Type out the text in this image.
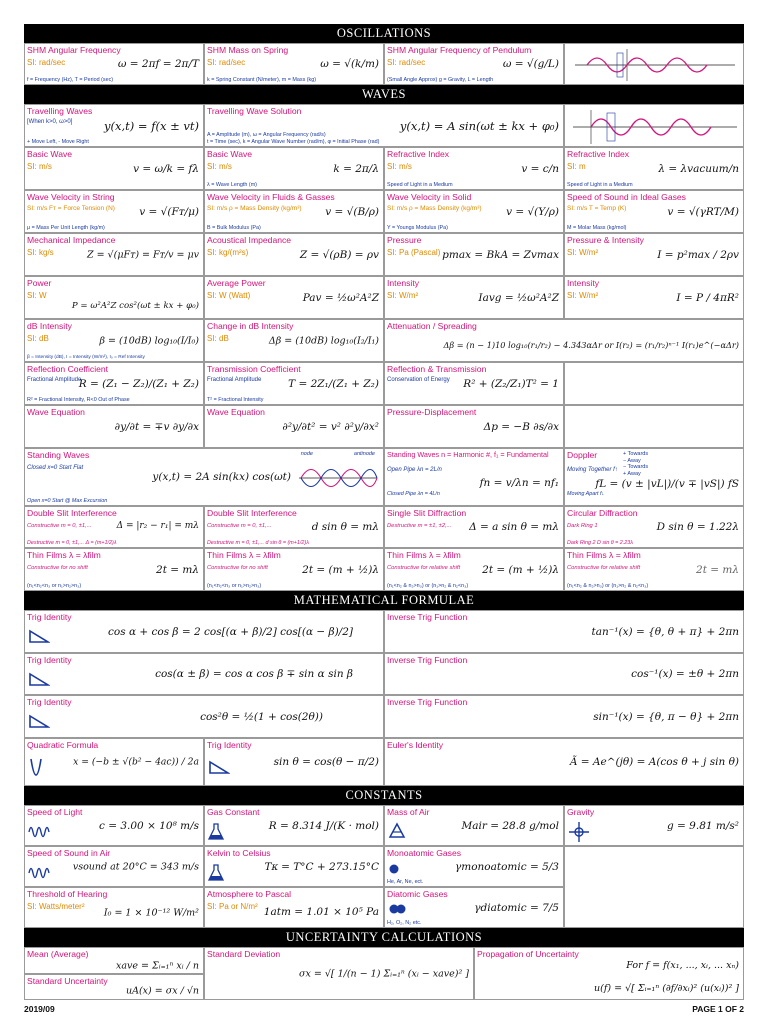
OSCILLATIONS
SHM Angular Frequency
SI: rad/sec	ω = 2πf = 2π/T
f = Frequency (Hz), T = Period (sec)
SHM Mass on Spring
SI: rad/sec	ω = √(k/m)
k = Spring Constant (N/meter), m = Mass (kg)
SHM Angular Frequency of Pendulum
SI: rad/sec	ω = √(g/L)
(Small Angle Approx) g = Gravity, L = Length
WAVES
Travelling Waves
[When k>0, ω>0]	y(x,t) = f(x ± vt)
+ Move Left, - Move Right
Travelling Wave Solution
y(x,t) = A sin(ωt ± kx + φ₀)
A = Amplitude (m), ω = Angular Frequency (rad/s)
t = Time (sec), k = Angular Wave Number (rad/m), φ = Initial Phase (rad)
Basic Wave
SI: m/s	v = ω/k = fλ
Basic Wave
SI: m/s	k = 2π/λ
λ = Wave Length (m)
Refractive Index
SI: m/s	v = c/n
Speed of Light in a Medium
Refractive Index
SI: m	λ = λvacuum/n
Speed of Light in a Medium
Wave Velocity in String
SI: m/s Fᴛ = Force Tension (N) v = √(Fᴛ/μ)
μ = Mass Per Unit Length (kg/m)
Wave Velocity in Fluids & Gasses
SI: m/s ρ = Mass Density (kg/m³) v = √(B/ρ)
B = Bulk Modulus (Pa)
Wave Velocity in Solid
SI: m/s ρ = Mass Density (kg/m³) v = √(Y/ρ)
Y = Youngs Modulus (Pa)
Speed of Sound in Ideal Gases
SI: m/s T = Temp (K)	v = √(γRT/M)
M = Molar Mass (kg/mol)
Mechanical Impedance
SI: kg/s	Z = √(μFᴛ) = Fᴛ/v = μv
Acoustical Impedance
SI: kg/(m²s)	Z = √(ρB) = ρv
Pressure
SI: Pa (Pascal) pmax = BkA = Zvmax
Pressure & Intensity
SI: W/m²	I = p²max / 2ρv
Power
SI: W
P = ω²A²Z cos²(ωt ± kx + φ₀)
Average Power
SI: W (Watt)	Pav = ½ω²A²Z
Intensity
SI: W/m²	Iavg = ½ω²A²Z
Intensity
SI: W/m²	I = P / 4πR²
dB Intensity
SI: dB	β = (10dB) log₁₀(I/I₀)
β = Intensity (dB), I = Intensity (W/m²), I₀ = Ref Intensity
Change in dB Intensity
SI: dB	Δβ = (10dB) log₁₀(I₂/I₁)
Attenuation / Spreading
Δβ = (n − 1)10 log₁₀(r₁/r₂) − 4.343αΔr or I(r₂) = (r₁/r₂)ⁿ⁻¹ I(r₁)e^(−αΔr)
Reflection Coefficient
Fractional Amplitude
R = (Z₁ − Z₂)/(Z₁ + Z₂)
R² = Fractional Intensity, R<0 Out of Phase
Transmission Coefficient
Fractional Amplitude	T = 2Z₁/(Z₁ + Z₂)
T² = Fractional Intensity
Reflection & Transmission
Conservation of Energy R² + (Z₂/Z₁)T² = 1
Wave Equation
∂y/∂t = ∓v ∂y/∂x
Wave Equation
∂²y/∂t² = v² ∂²y/∂x²
Pressure-Displacement
Δp = −B ∂s/∂x
Standing Waves
Closed x=0 Start Flat
y(x,t) = 2A sin(kx) cos(ωt)
Open x=0 Start @ Max Excursion
node	antinode Standing Waves n = Harmonic #, f₁ = Fundamental
Open Pipe λn = 2L/n
fn = v/λn = nf₁
Closed Pipe λn = 4L/n
Doppler
Moving Together f↑
fL = (v ± |vL|)/(v ∓ |vS|) fS
Moving Apart f↓
+ Towards
− Away
− Towards
+ Away
Double Slit Interference
Constructive m = 0, ±1,...	Δ = |r₂ − r₁| = mλ
Destructive m = 0, ±1,... Δ = (m+1/2)λ
Double Slit Interference
Constructive m = 0, ±1,...	d sin θ = mλ
Destructive m = 0, ±1,... d sin θ = (m+1/2)λ
Single Slit Diffraction
Destructive m = ±1, ±2,... Δ = a sin θ = mλ
Circular Diffraction
Dark Ring 1	D sin θ = 1.22λ
Dark Ring 2 D sin θ = 2.23λ
Thin Films λ = λfilm
Constructive for no shift	2t = mλ
(n₁<n₂<n₃ or n₁>n₂>n₃)
Thin Films λ = λfilm
Constructive for no shift	2t = (m + ½)λ
(n₁<n₂<n₃ or n₁>n₂>n₃)
Thin Films λ = λfilm
Constructive for relative shift 2t = (m + ½)λ
(n₁<n₂ & n₂>n₃) or (n₁>n₂ & n₂<n₃)
Thin Films λ = λfilm
Constructive for relative shift	2t = mλ
(n₁<n₂ & n₂>n₃) or (n₁>n₂ & n₂<n₃)
MATHEMATICAL FORMULAE
Trig Identity
cos α + cos β = 2 cos[(α + β)/2] cos[(α − β)/2]
Inverse Trig Function
tan⁻¹(x) = {θ, θ + π} + 2πn
Trig Identity
cos(α ± β) = cos α cos β ∓ sin α sin β
Inverse Trig Function
cos⁻¹(x) = ±θ + 2πn
Trig Identity
cos²θ = ½(1 + cos(2θ))
Inverse Trig Function
sin⁻¹(x) = {θ, π − θ} + 2πn
Quadratic Formula
x = (−b ± √(b² − 4ac)) / 2a
Trig Identity
sin θ = cos(θ − π/2)
Euler's Identity
Ã = Ae^(jθ) = A(cos θ + j sin θ)
CONSTANTS
Speed of Light
c = 3.00 × 10⁸ m/s
Gas Constant
R = 8.314 J/(K · mol)
Mass of Air
Mair = 28.8 g/mol
Gravity
g = 9.81 m/s²
Speed of Sound in Air
vsound at 20°C = 343 m/s
Kelvin to Celsius
Tᴋ = T°C + 273.15°C
Monoatomic Gases
γmonoatomic = 5/3
He, Ar, Ne, ect.
Threshold of Hearing
SI: Watts/meter²
I₀ = 1 × 10⁻¹² W/m²
Atmosphere to Pascal
SI: Pa or N/m² 1atm = 1.01 × 10⁵ Pa
Diatomic Gases
γdiatomic = 7/5
H₂, O₂, N₂ etc.
UNCERTAINTY CALCULATIONS
Mean (Average)
xave = Σᵢ₌₁ⁿ xᵢ / n
Standard Uncertainty
uA(x) = σx / √n
Standard Deviation
σx = √[ 1/(n − 1) Σᵢ₌₁ⁿ (xᵢ − xave)² ]
Propagation of Uncertainty
For f = f(x₁, ..., xᵢ, ... xₙ)
u(f) = √[ Σᵢ₌₁ⁿ (∂f/∂xᵢ)² (u(xᵢ))² ]
2019/09	PAGE 1 OF 2
